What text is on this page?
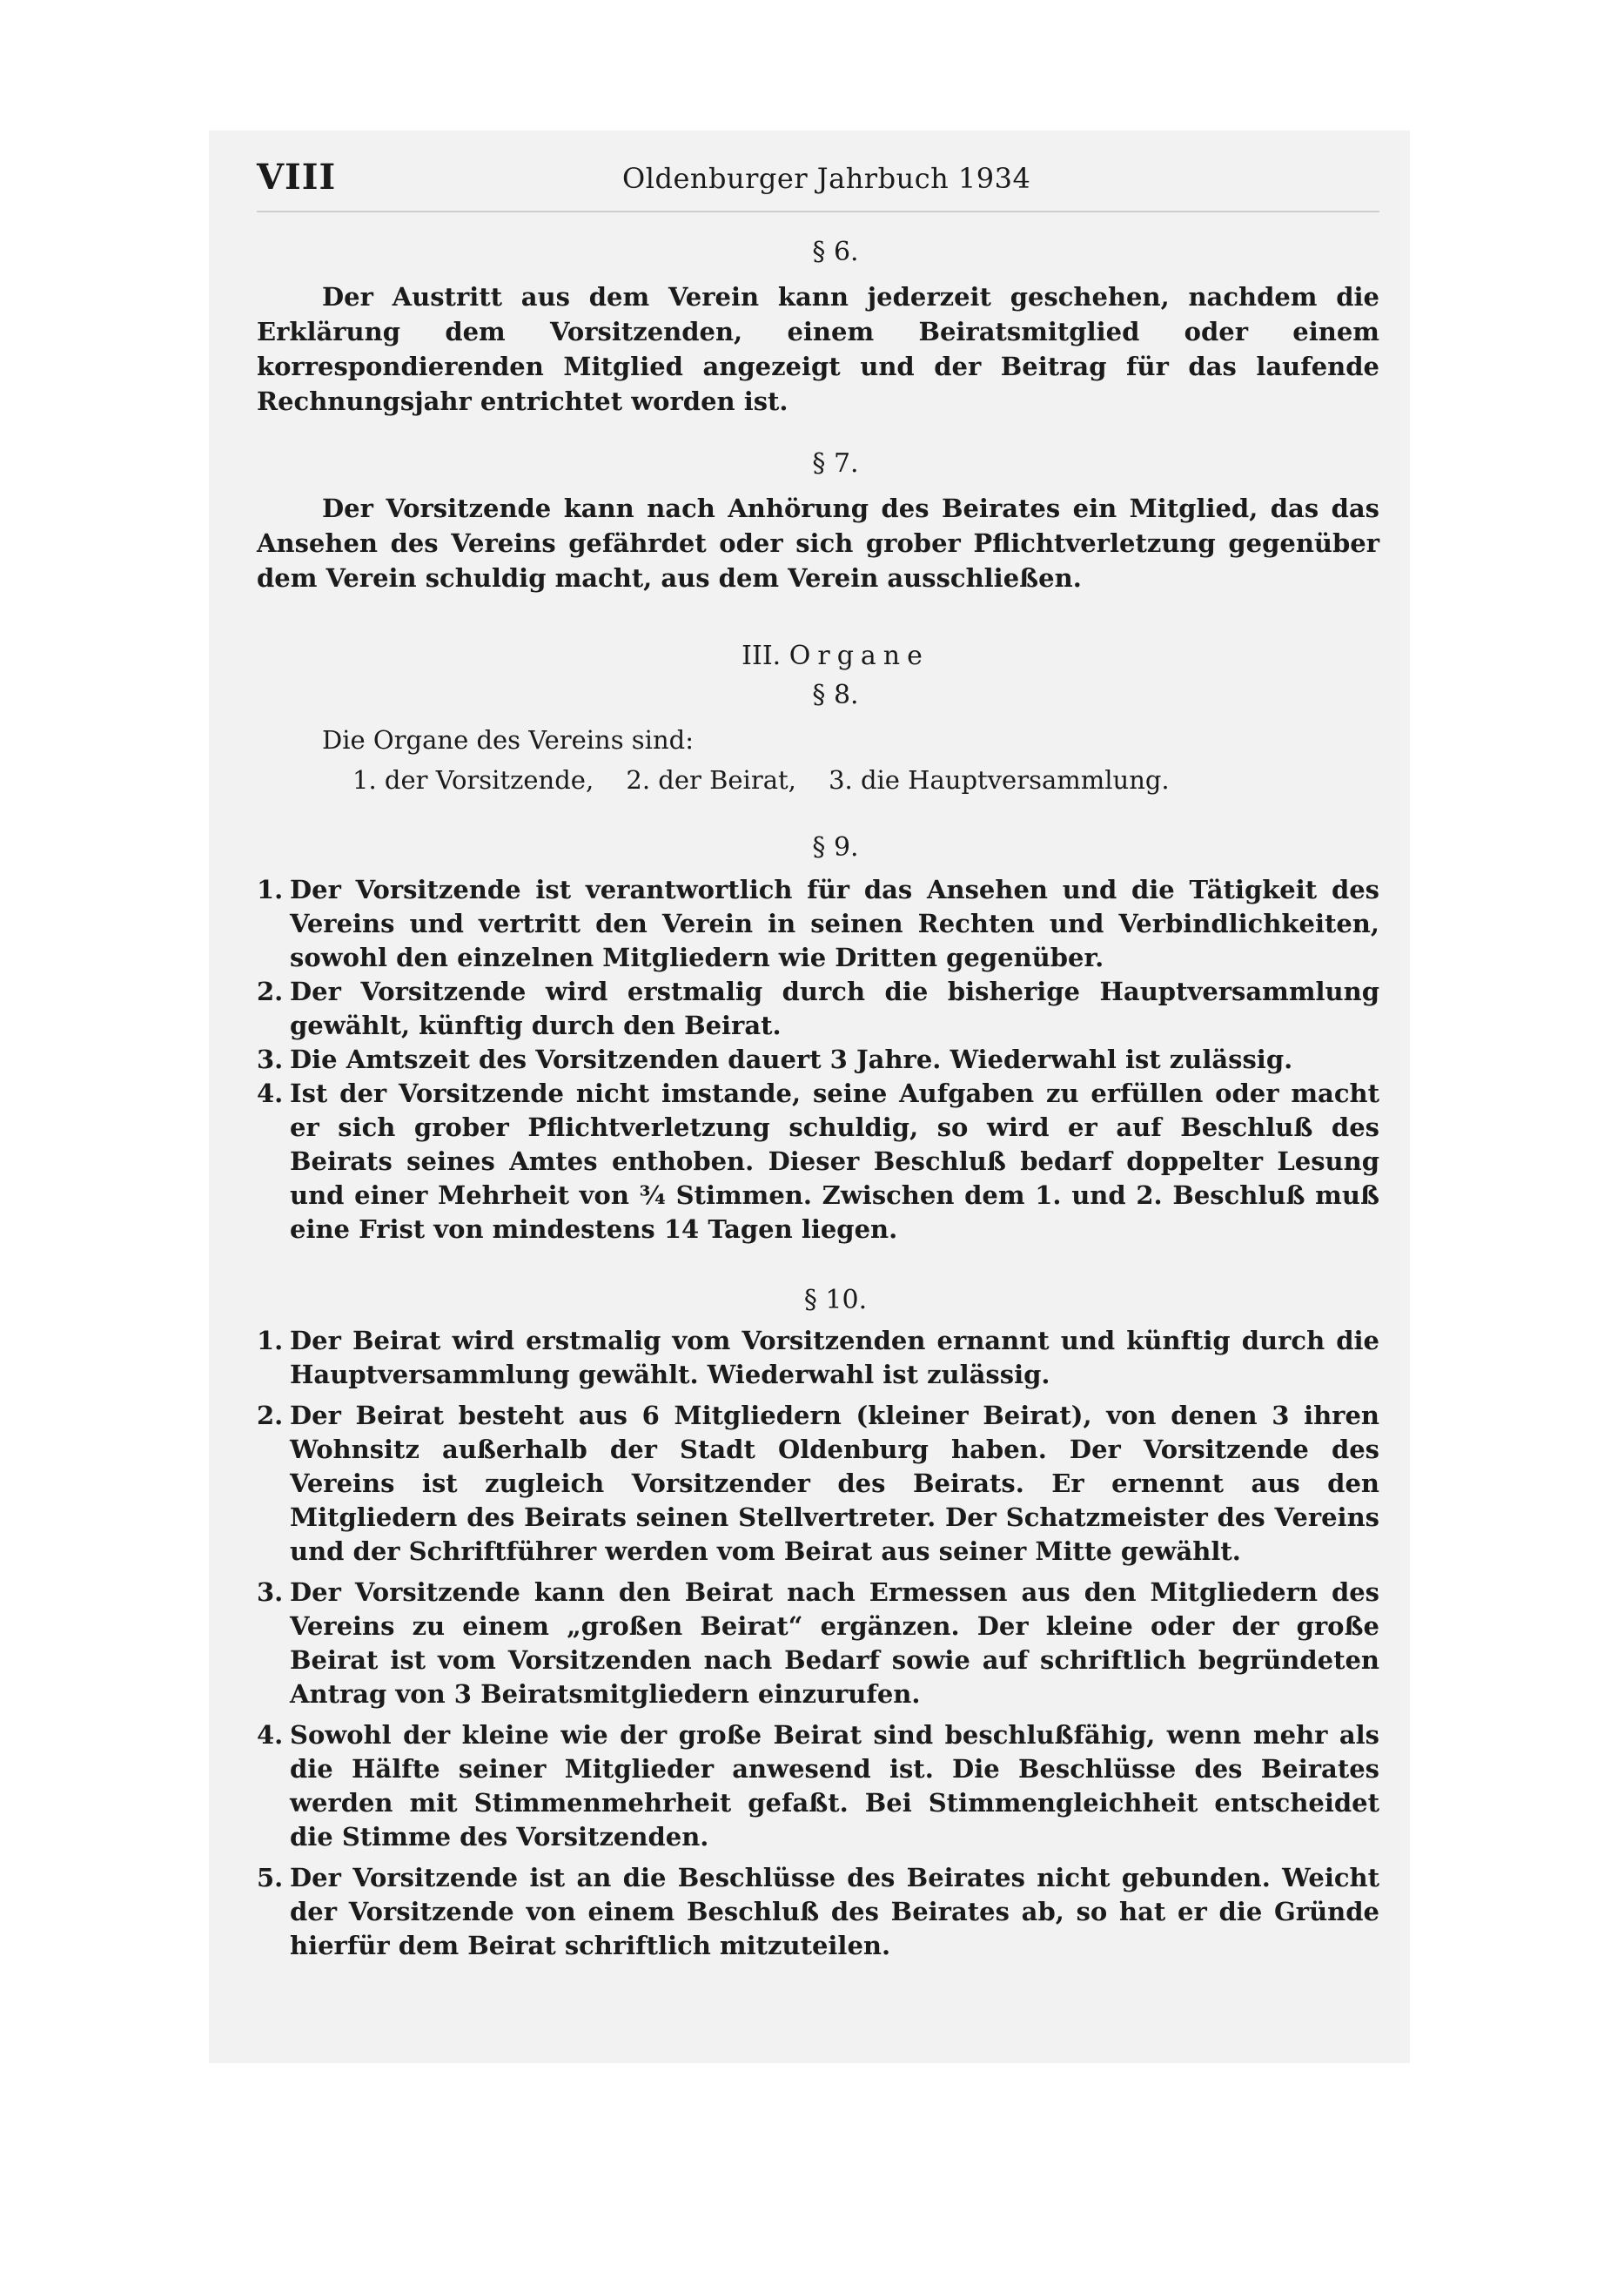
VIII	Oldenburger Jahrbuch 1934

§ 6.

Der Austritt aus dem Verein kann jederzeit geschehen, nachdem die Erklärung dem Vorsitzenden, einem Beiratsmitglied oder einem korrespondierenden Mitglied angezeigt und der Beitrag für das laufende Rechnungsjahr entrichtet worden ist.

§ 7.

Der Vorsitzende kann nach Anhörung des Beirates ein Mitglied, das das Ansehen des Vereins gefährdet oder sich grober Pflichtverletzung gegenüber dem Verein schuldig macht, aus dem Verein ausschließen.

III. Organe

§ 8.

Die Organe des Vereins sind:

1. der Vorsitzende, 2. der Beirat, 3. die Hauptversammlung.

§ 9.

1. Der Vorsitzende ist verantwortlich für das Ansehen und die Tätigkeit des Vereins und vertritt den Verein in seinen Rechten und Verbindlichkeiten, sowohl den einzelnen Mitgliedern wie Dritten gegenüber.
2. Der Vorsitzende wird erstmalig durch die bisherige Hauptversammlung gewählt, künftig durch den Beirat.
3. Die Amtszeit des Vorsitzenden dauert 3 Jahre. Wiederwahl ist zulässig.
4. Ist der Vorsitzende nicht imstande, seine Aufgaben zu erfüllen oder macht er sich grober Pflichtverletzung schuldig, so wird er auf Beschluß des Beirats seines Amtes enthoben. Dieser Beschluß bedarf doppelter Lesung und einer Mehrheit von ¾ Stimmen. Zwischen dem 1. und 2. Beschluß muß eine Frist von mindestens 14 Tagen liegen.

§ 10.

1. Der Beirat wird erstmalig vom Vorsitzenden ernannt und künftig durch die Hauptversammlung gewählt. Wiederwahl ist zulässig.
2. Der Beirat besteht aus 6 Mitgliedern (kleiner Beirat), von denen 3 ihren Wohnsitz außerhalb der Stadt Oldenburg haben. Der Vorsitzende des Vereins ist zugleich Vorsitzender des Beirats. Er ernennt aus den Mitgliedern des Beirats seinen Stellvertreter. Der Schatzmeister des Vereins und der Schriftführer werden vom Beirat aus seiner Mitte gewählt.
3. Der Vorsitzende kann den Beirat nach Ermessen aus den Mitgliedern des Vereins zu einem „großen Beirat“ ergänzen. Der kleine oder der große Beirat ist vom Vorsitzenden nach Bedarf sowie auf schriftlich begründeten Antrag von 3 Beiratsmitgliedern einzurufen.
4. Sowohl der kleine wie der große Beirat sind beschlußfähig, wenn mehr als die Hälfte seiner Mitglieder anwesend ist. Die Beschlüsse des Beirates werden mit Stimmenmehrheit gefaßt. Bei Stimmengleichheit entscheidet die Stimme des Vorsitzenden.
5. Der Vorsitzende ist an die Beschlüsse des Beirates nicht gebunden. Weicht der Vorsitzende von einem Beschluß des Beirates ab, so hat er die Gründe hierfür dem Beirat schriftlich mitzuteilen.
